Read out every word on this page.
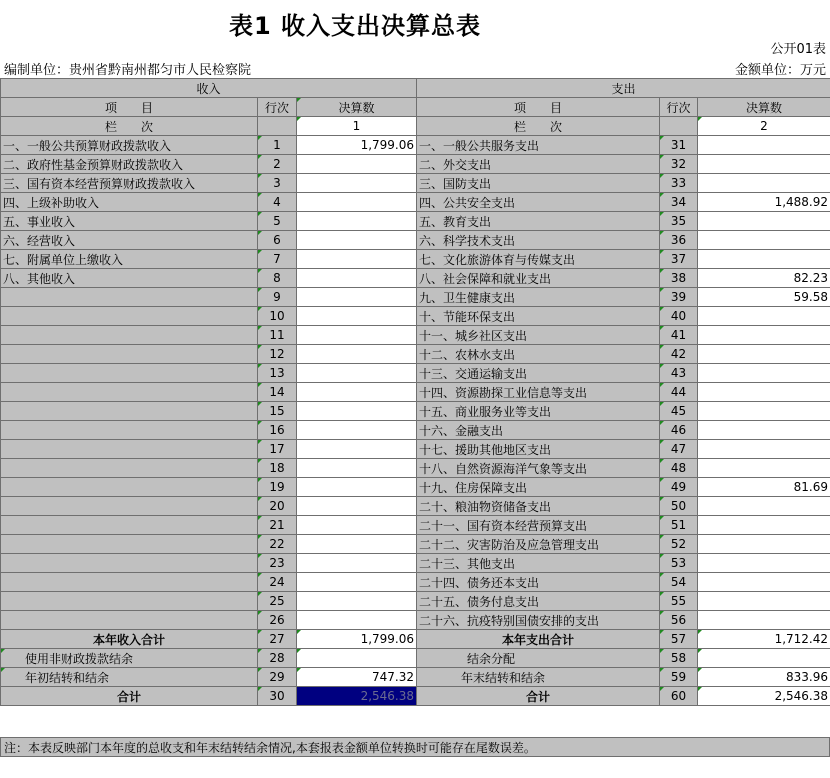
表1 收入支出决算总表
公开01表
编制单位：贵州省黔南州都匀市人民检察院	金额单位：万元
收入			支出		
项　　目	行次	决算数	项　　目	行次	决算数
栏　　次		1	栏　　次		2
一、一般公共预算财政拨款收入	1	1,799.06	一、一般公共服务支出	31	
二、政府性基金预算财政拨款收入	2		二、外交支出	32	
三、国有资本经营预算财政拨款收入	3		三、国防支出	33	
四、上级补助收入	4		四、公共安全支出	34	1,488.92
五、事业收入	5		五、教育支出	35	
六、经营收入	6		六、科学技术支出	36	
七、附属单位上缴收入	7		七、文化旅游体育与传媒支出	37	
八、其他收入	8		八、社会保障和就业支出	38	82.23
	9		九、卫生健康支出	39	59.58
	10		十、节能环保支出	40	
	11		十一、城乡社区支出	41	
	12		十二、农林水支出	42	
	13		十三、交通运输支出	43	
	14		十四、资源勘探工业信息等支出	44	
	15		十五、商业服务业等支出	45	
	16		十六、金融支出	46	
	17		十七、援助其他地区支出	47	
	18		十八、自然资源海洋气象等支出	48	
	19		十九、住房保障支出	49	81.69
	20		二十、粮油物资储备支出	50	
	21		二十一、国有资本经营预算支出	51	
	22		二十二、灾害防治及应急管理支出	52	
	23		二十三、其他支出	53	
	24		二十四、债务还本支出	54	
	25		二十五、债务付息支出	55	
	26		二十六、抗疫特别国债安排的支出	56	
本年收入合计	27	1,799.06	本年支出合计	57	1,712.42
使用非财政拨款结余	28		结余分配	58	
年初结转和结余	29	747.32	年末结转和结余	59	833.96
合计	30	2,546.38	合计	60	2,546.38
注：本表反映部门本年度的总收支和年末结转结余情况,本套报表金额单位转换时可能存在尾数误差。
